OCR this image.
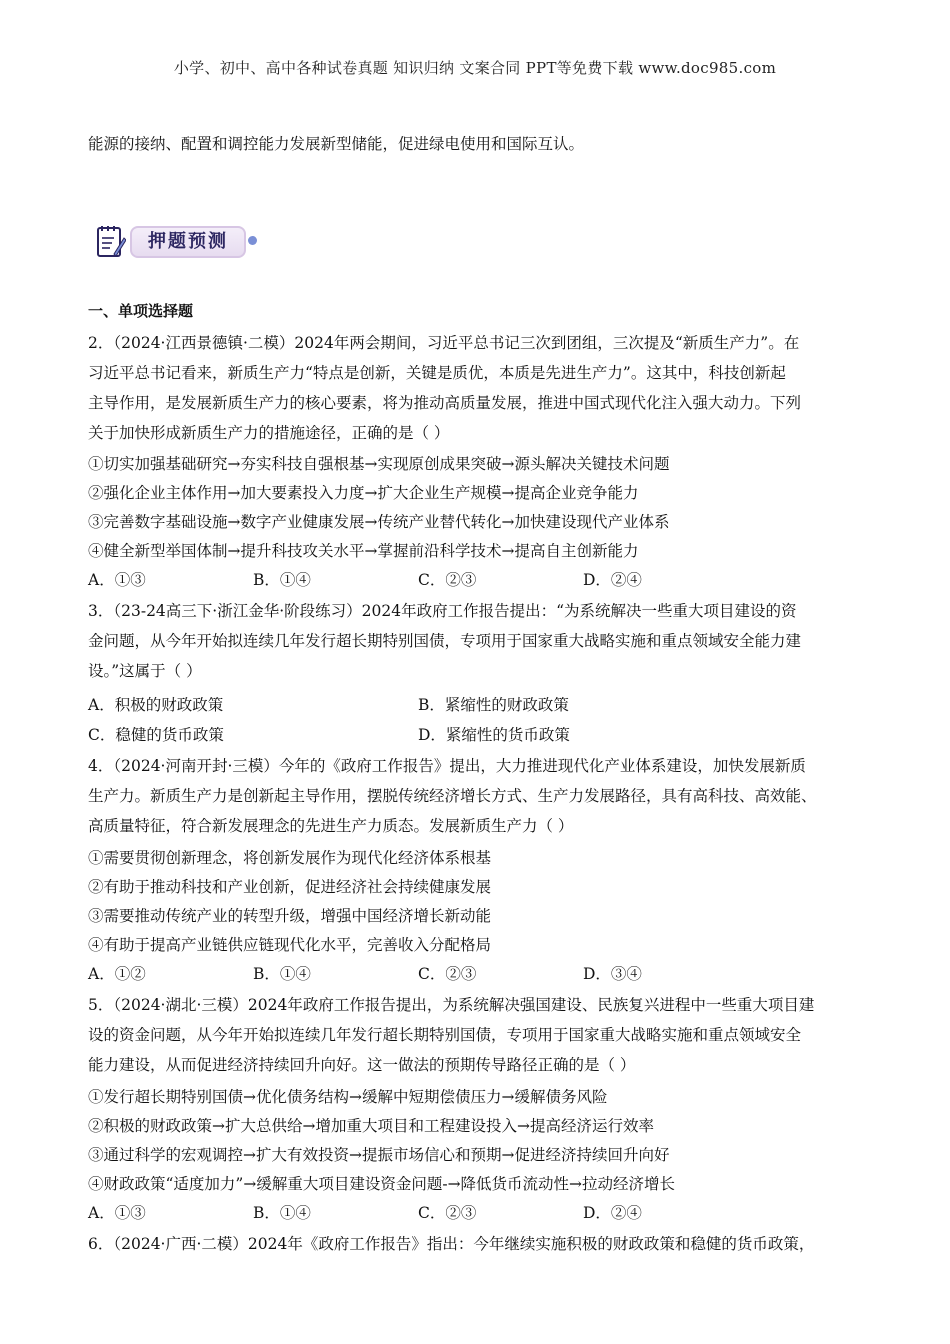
小学、初中、高中各种试卷真题 知识归纳 文案合同 PPT等免费下载 www.doc985.com
能源的接纳、配置和调控能力发展新型储能，促进绿电使用和国际互认。
押题预测
一、单项选择题
2．（2024·江西景德镇·二模）2024年两会期间，习近平总书记三次到团组，三次提及“新质生产力”。在
习近平总书记看来，新质生产力“特点是创新，关键是质优，本质是先进生产力”。这其中，科技创新起
主导作用，是发展新质生产力的核心要素，将为推动高质量发展，推进中国式现代化注入强大动力。下列
关于加快形成新质生产力的措施途径，正确的是（ ）
①切实加强基础研究→夯实科技自强根基→实现原创成果突破→源头解决关键技术问题
②强化企业主体作用→加大要素投入力度→扩大企业生产规模→提高企业竞争能力
③完善数字基础设施→数字产业健康发展→传统产业替代转化→加快建设现代产业体系
④健全新型举国体制→提升科技攻关水平→掌握前沿科学技术→提高自主创新能力
A．①③	B．①④	C．②③	D．②④
3．（23-24高三下·浙江金华·阶段练习）2024年政府工作报告提出：“为系统解决一些重大项目建设的资
金问题，从今年开始拟连续几年发行超长期特别国债，专项用于国家重大战略实施和重点领域安全能力建
设。”这属于（ ）
A．积极的财政政策	B．紧缩性的财政政策
C．稳健的货币政策	D．紧缩性的货币政策
4．（2024·河南开封·三模）今年的《政府工作报告》提出，大力推进现代化产业体系建设，加快发展新质
生产力。新质生产力是创新起主导作用，摆脱传统经济增长方式、生产力发展路径，具有高科技、高效能、
高质量特征，符合新发展理念的先进生产力质态。发展新质生产力（ ）
①需要贯彻创新理念，将创新发展作为现代化经济体系根基
②有助于推动科技和产业创新，促进经济社会持续健康发展
③需要推动传统产业的转型升级，增强中国经济增长新动能
④有助于提高产业链供应链现代化水平，完善收入分配格局
A．①②	B．①④	C．②③	D．③④
5．（2024·湖北·三模）2024年政府工作报告提出，为系统解决强国建设、民族复兴进程中一些重大项目建
设的资金问题，从今年开始拟连续几年发行超长期特别国债，专项用于国家重大战略实施和重点领域安全
能力建设，从而促进经济持续回升向好。这一做法的预期传导路径正确的是（ ）
①发行超长期特别国债→优化债务结构→缓解中短期偿债压力→缓解债务风险
②积极的财政政策→扩大总供给→增加重大项目和工程建设投入→提高经济运行效率
③通过科学的宏观调控→扩大有效投资→提振市场信心和预期→促进经济持续回升向好
④财政政策“适度加力”→缓解重大项目建设资金问题-→降低货币流动性→拉动经济增长
A．①③	B．①④	C．②③	D．②④
6．（2024·广西·二模）2024年《政府工作报告》指出：今年继续实施积极的财政政策和稳健的货币政策，
